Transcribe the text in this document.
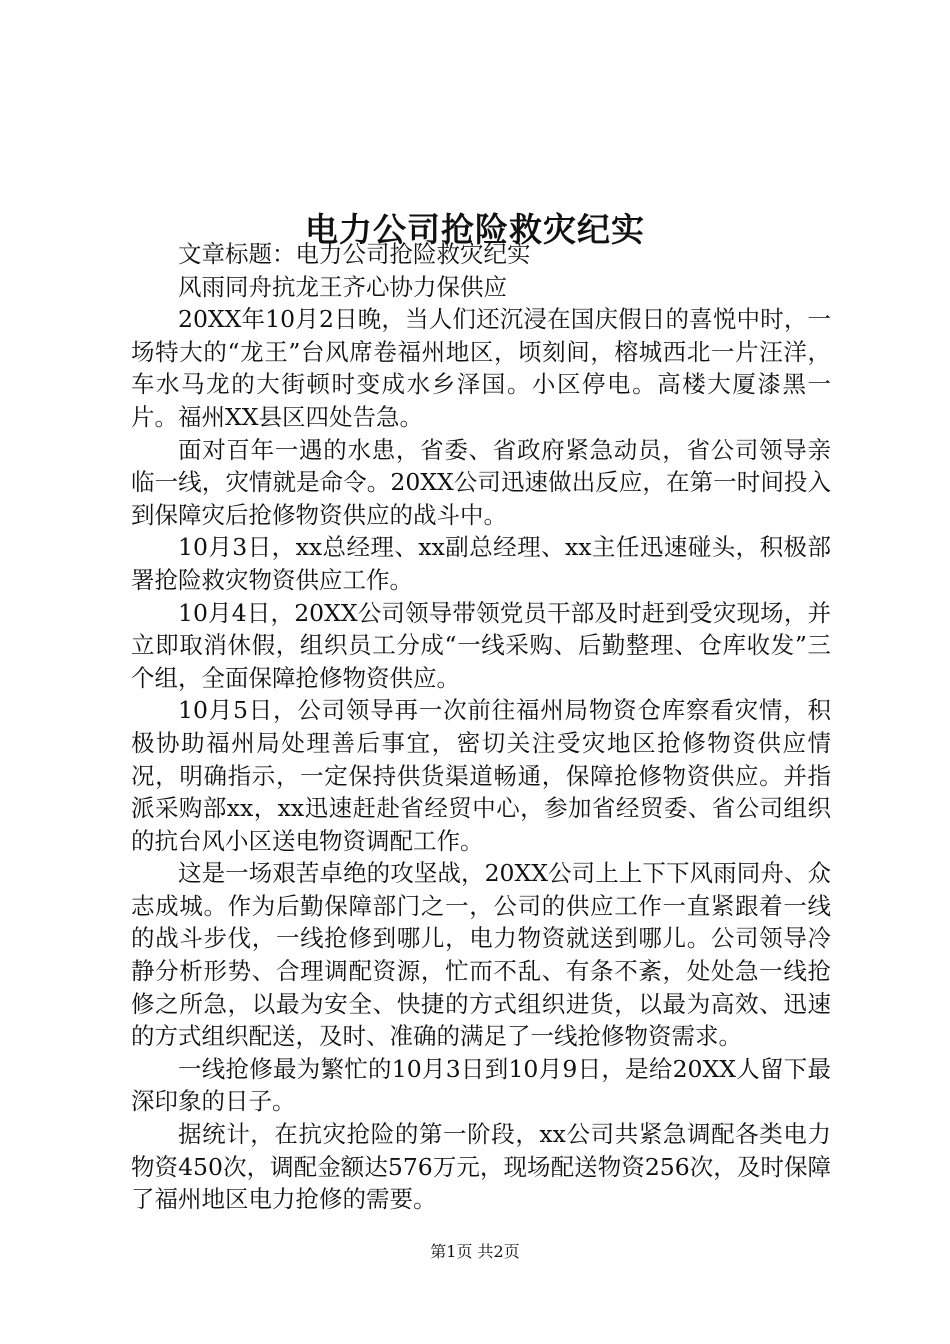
电力公司抢险救灾纪实

文章标题：电力公司抢险救灾纪实

风雨同舟抗龙王齐心协力保供应

20XX年10月2日晚，当人们还沉浸在国庆假日的喜悦中时，一场特大的“龙王”台风席卷福州地区，顷刻间，榕城西北一片汪洋，车水马龙的大街顿时变成水乡泽国。小区停电。高楼大厦漆黑一片。福州XX县区四处告急。

面对百年一遇的水患，省委、省政府紧急动员，省公司领导亲临一线，灾情就是命令。20XX公司迅速做出反应，在第一时间投入到保障灾后抢修物资供应的战斗中。

10月3日，xx总经理、xx副总经理、xx主任迅速碰头，积极部署抢险救灾物资供应工作。

10月4日，20XX公司领导带领党员干部及时赶到受灾现场，并立即取消休假，组织员工分成“一线采购、后勤整理、仓库收发”三个组，全面保障抢修物资供应。

10月5日，公司领导再一次前往福州局物资仓库察看灾情，积极协助福州局处理善后事宜，密切关注受灾地区抢修物资供应情况，明确指示，一定保持供货渠道畅通，保障抢修物资供应。并指派采购部xx，xx迅速赶赴省经贸中心，参加省经贸委、省公司组织的抗台风小区送电物资调配工作。

这是一场艰苦卓绝的攻坚战，20XX公司上上下下风雨同舟、众志成城。作为后勤保障部门之一，公司的供应工作一直紧跟着一线的战斗步伐，一线抢修到哪儿，电力物资就送到哪儿。公司领导冷静分析形势、合理调配资源，忙而不乱、有条不紊，处处急一线抢修之所急，以最为安全、快捷的方式组织进货，以最为高效、迅速的方式组织配送，及时、准确的满足了一线抢修物资需求。

一线抢修最为繁忙的10月3日到10月9日，是给20XX人留下最深印象的日子。

据统计，在抗灾抢险的第一阶段，xx公司共紧急调配各类电力物资450次，调配金额达576万元，现场配送物资256次，及时保障了福州地区电力抢修的需要。

第1页 共2页
